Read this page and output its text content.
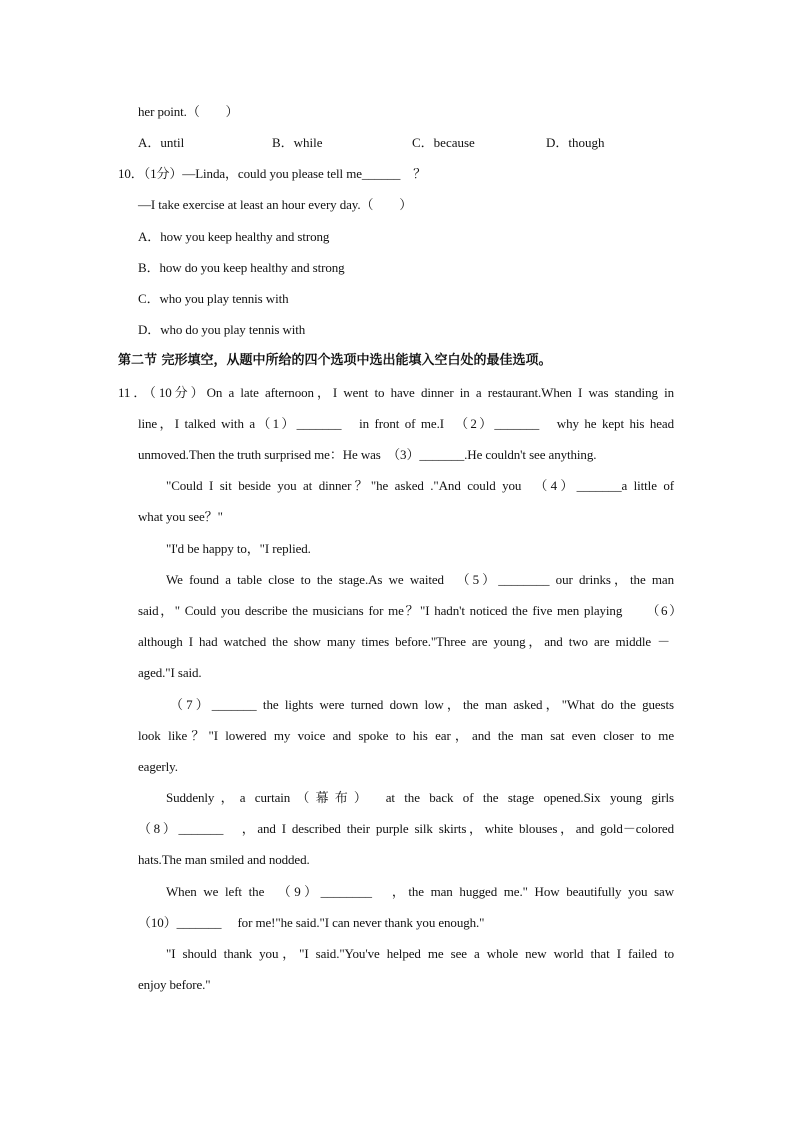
her point.（　　）
A．until	B．while	C．because	D．though
10．（1分）—Linda，could you please tell me______　？
—I take exercise at least an hour every day.（　　）
A．how you keep healthy and strong
B．how do you keep healthy and strong
C．who you play tennis with
D．who do you play tennis with
第二节 完形填空，从题中所给的四个选项中选出能填入空白处的最佳选项。
11．（10分）On a late afternoon，I went to have dinner in a restaurant.When I was standing in
line，I talked with a（1）_______　in front of me.I　（2）_______　why he kept his head
unmoved.Then the truth surprised me：He was　（3）_______.He couldn't see anything.
"Could I sit beside you at dinner？"he asked ."And could you　（4）_______a little of
what you see？"
"I'd be happy to，"I replied.
We found a table close to the stage.As we waited　（5）________ our drinks，the man
said，" Could you describe the musicians for me？"I hadn't noticed the five men playing　　（6）
although I had watched the show many times before."Three are young，and two are middle －
aged."I said.
（7）_______ the lights were turned down low，the man asked，"What do the guests
look like？"I lowered my voice and spoke to his ear，and the man sat even closer to me
eagerly.
Suddenly，a curtain（幕布）　at the back of the stage opened.Six young girls
（8）_______　，and I described their purple silk skirts，white blouses，and gold－colored
hats.The man smiled and nodded.
When we left the　（9）________　，the man hugged me." How beautifully you saw
（10）_______　 for me!"he said."I can never thank you enough."
"I should thank you，"I said."You've helped me see a whole new world that I failed to
enjoy before."
